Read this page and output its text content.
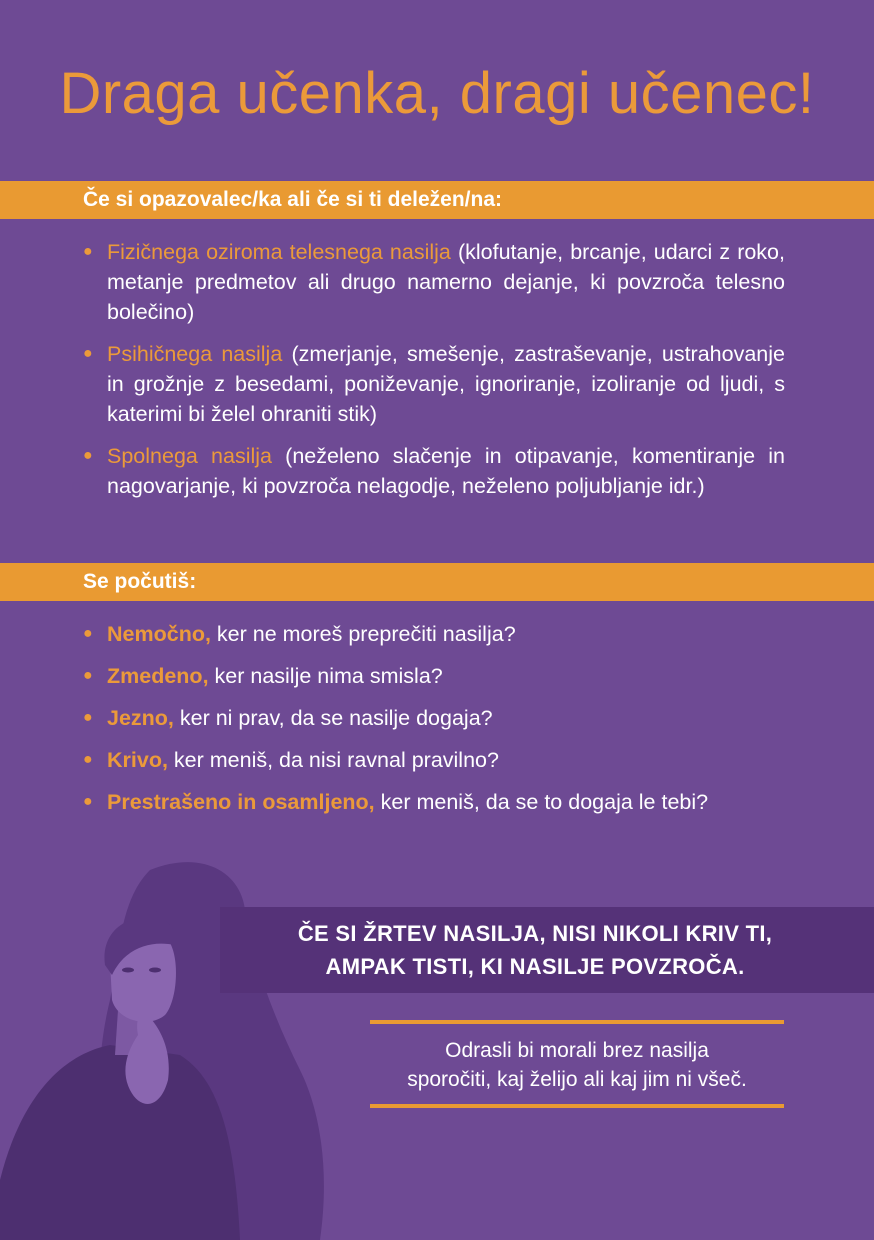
Draga učenka, dragi učenec!
Če si opazovalec/ka ali če si ti deležen/na:
● Fizičnega oziroma telesnega nasilja (klofutanje, brcanje, udarci z roko, metanje predmetov ali drugo namerno dejanje, ki povzroča telesno bolečino)
● Psihičnega nasilja (zmerjanje, smešenje, zastraševanje, ustrahovanje in grožnje z besedami, poniževanje, ignoriranje, izoliranje od ljudi, s katerimi bi želel ohraniti stik)
● Spolnega nasilja (neželeno slačenje in otipavanje, komentiranje in nagovarjanje, ki povzroča nelagodje, neželeno poljubljanje idr.)
Se počutiš:
● Nemočno, ker ne moreš preprečiti nasilja?
● Zmedeno, ker nasilje nima smisla?
● Jezno, ker ni prav, da se nasilje dogaja?
● Krivo, ker meniš, da nisi ravnal pravilno?
● Prestrašeno in osamljeno, ker meniš, da se to dogaja le tebi?
ČE SI ŽRTEV NASILJA, NISI NIKOLI KRIV TI,
AMPAK TISTI, KI NASILJE POVZROČA.
Odrasli bi morali brez nasilja
sporočiti, kaj želijo ali kaj jim ni všeč.
